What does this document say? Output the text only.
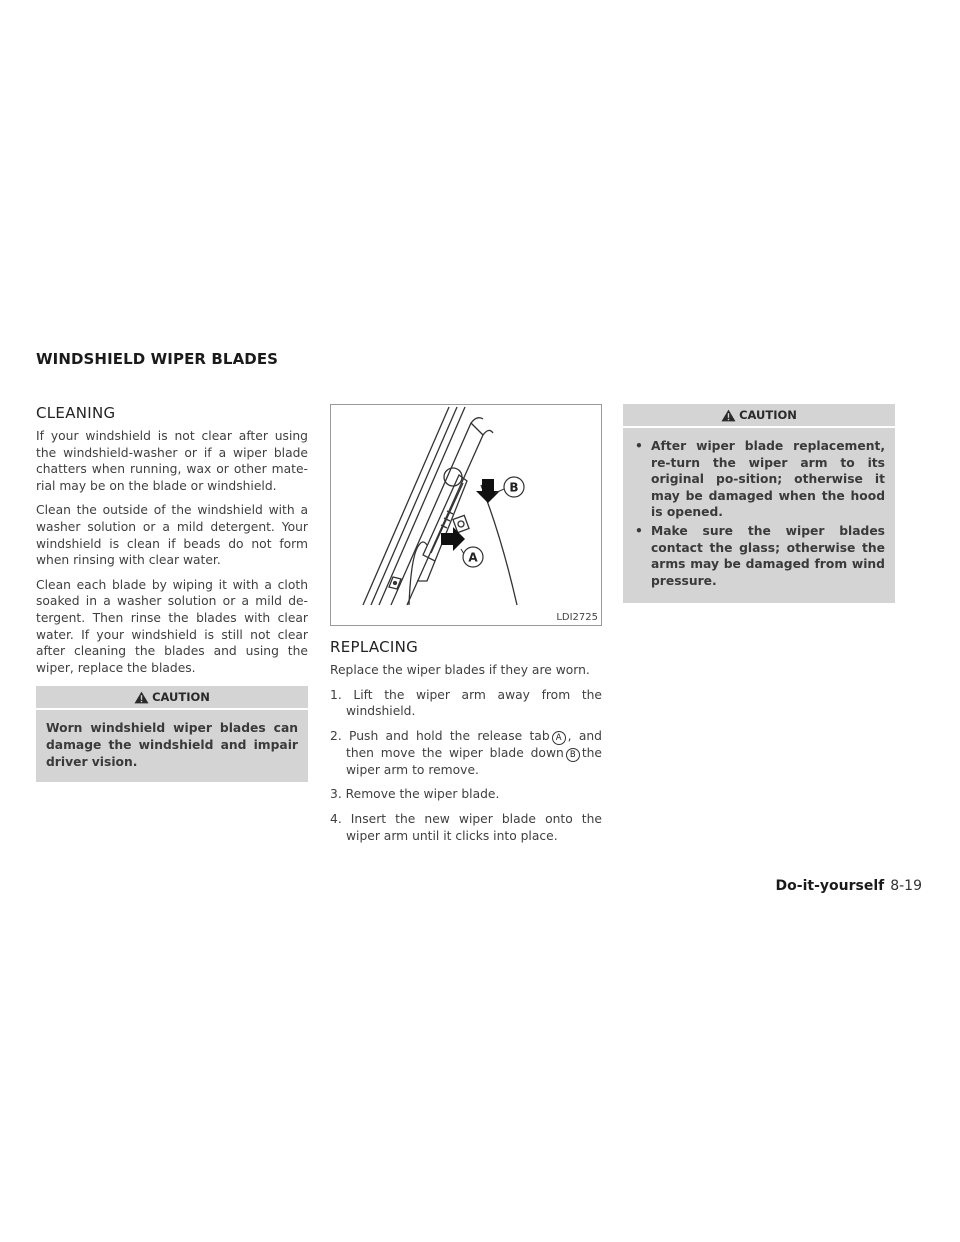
WINDSHIELD WIPER BLADES
CLEANING

If your windshield is not clear after using the windshield-washer or if a wiper blade chatters when running, wax or other mate-rial may be on the blade or windshield.

Clean the outside of the windshield with a washer solution or a mild detergent. Your windshield is clean if beads do not form when rinsing with clear water.

Clean each blade by wiping it with a cloth soaked in a washer solution or a mild de-tergent. Then rinse the blades with clear water. If your windshield is still not clear after cleaning the blades and using the wiper, replace the blades.

CAUTION
Worn windshield wiper blades can damage the windshield and impair driver vision.
B
A
LDI2725
REPLACING

Replace the wiper blades if they are worn.

1. Lift the wiper arm away from the windshield.
2. Push and hold the release tab A , and then move the wiper blade down B the wiper arm to remove.
3. Remove the wiper blade.
4. Insert the new wiper blade onto the wiper arm until it clicks into place.
CAUTION
• After wiper blade replacement, re-turn the wiper arm to its original po-sition; otherwise it may be damaged when the hood is opened.
• Make sure the wiper blades contact the glass; otherwise the arms may be damaged from wind pressure.
Do-it-yourself 8-19
